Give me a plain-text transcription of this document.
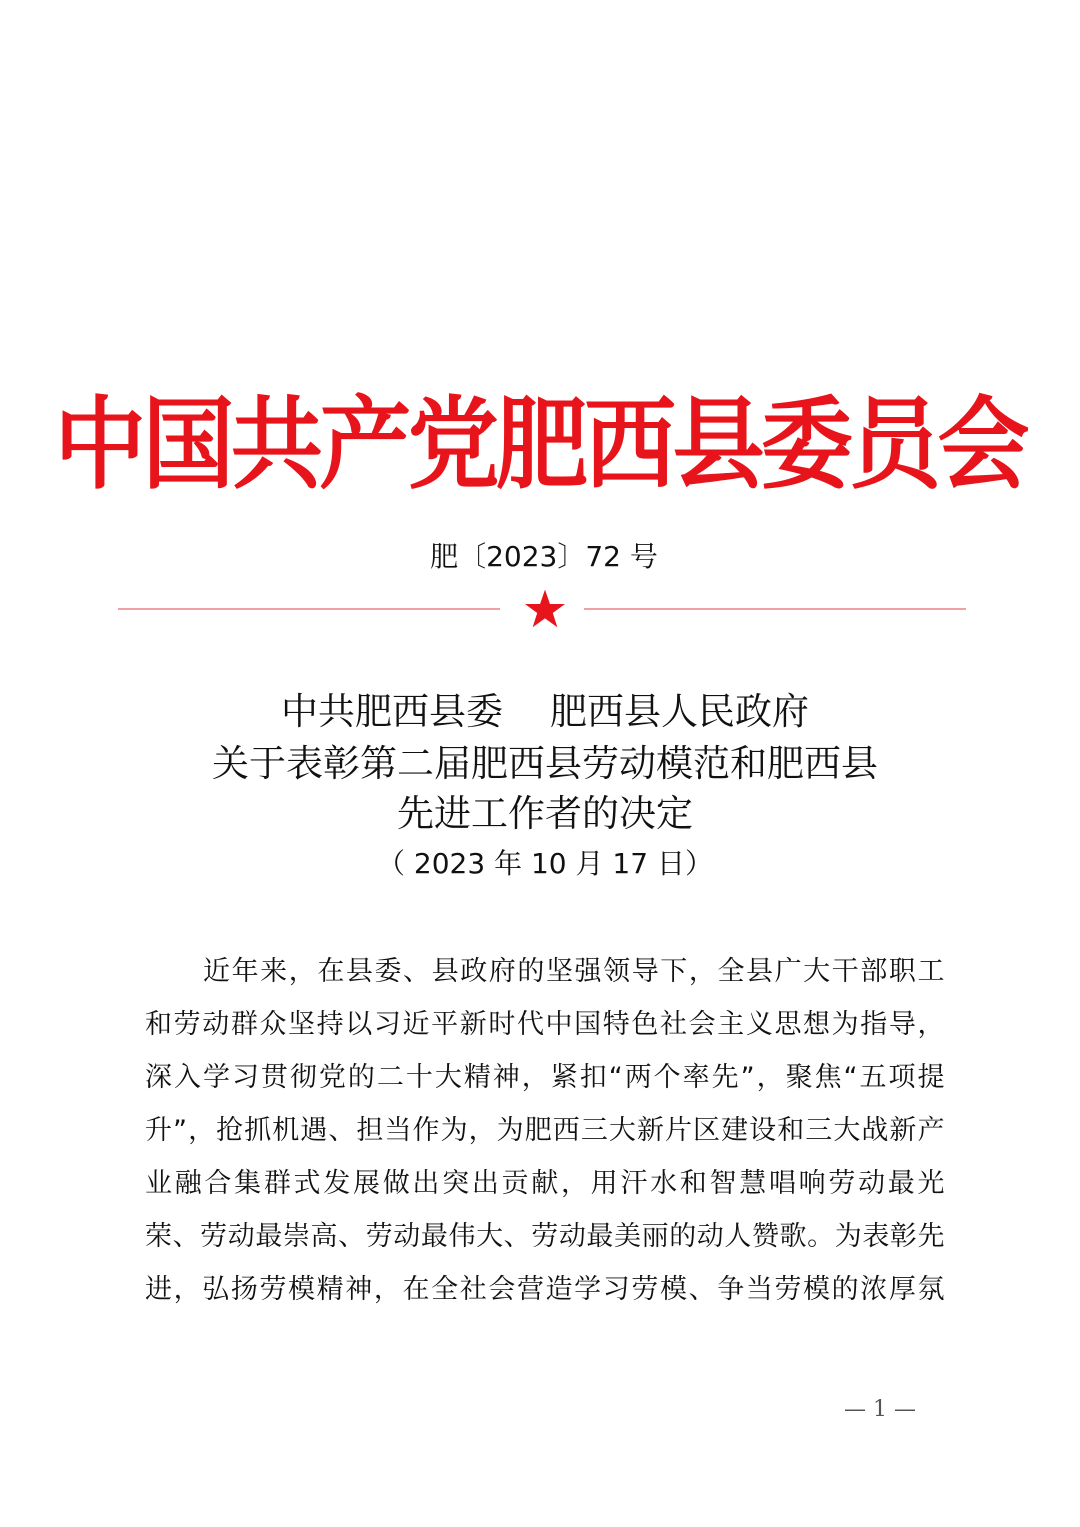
中国共产党肥西县委员会
肥〔2023〕72 号
中共肥西县委    肥西县人民政府
关于表彰第二届肥西县劳动模范和肥西县
先进工作者的决定
（ 2023 年 10 月 17 日）
近年来，在县委、县政府的坚强领导下，全县广大干部职工
和劳动群众坚持以习近平新时代中国特色社会主义思想为指导，
深入学习贯彻党的二十大精神，紧扣“两个率先”，聚焦“五项提
升”，抢抓机遇、担当作为，为肥西三大新片区建设和三大战新产
业融合集群式发展做出突出贡献，用汗水和智慧唱响劳动最光
荣、劳动最崇高、劳动最伟大、劳动最美丽的动人赞歌。为表彰先
进，弘扬劳模精神，在全社会营造学习劳模、争当劳模的浓厚氛
— 1 —
